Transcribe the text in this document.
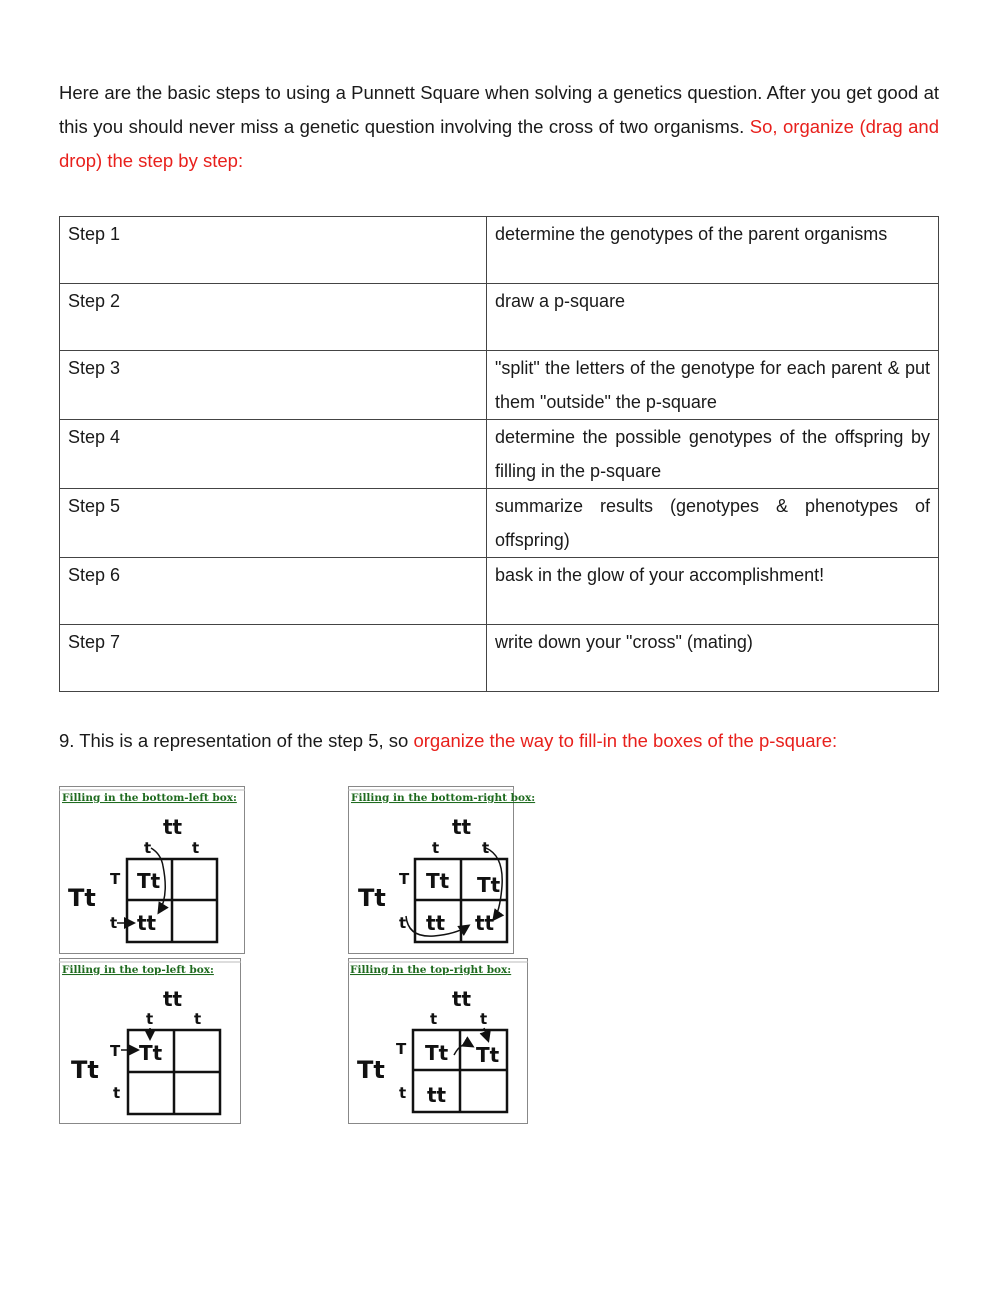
Here are the basic steps to using a Punnett Square when solving a genetics question. After you get good at this you should never miss a genetic question involving the cross of two organisms. So, organize (drag and drop) the step by step:

Step 1	determine the genotypes of the parent organisms
Step 2	draw a p-square
Step 3	"split" the letters of the genotype for each parent & put them "outside" the p-square
Step 4	determine the possible genotypes of the offspring by filling in the p-square
Step 5	summarize results (genotypes & phenotypes of offspring)
Step 6	bask in the glow of your accomplishment!
Step 7	write down your "cross" (mating)

9. This is a representation of the step 5, so organize the way to fill-in the boxes of the p-square:

Filling in the bottom-left box:
tt
t	t
Tt
T
t
Tt
tt
Filling in the bottom-right box:
tt
t	t
Tt
T
t
Tt Tt
tt tt
Filling in the top-left box:
tt
t	t
Tt
T
t
Tt
Filling in the top-right box:
tt
t	t
Tt
T
t
Tt Tt
tt
